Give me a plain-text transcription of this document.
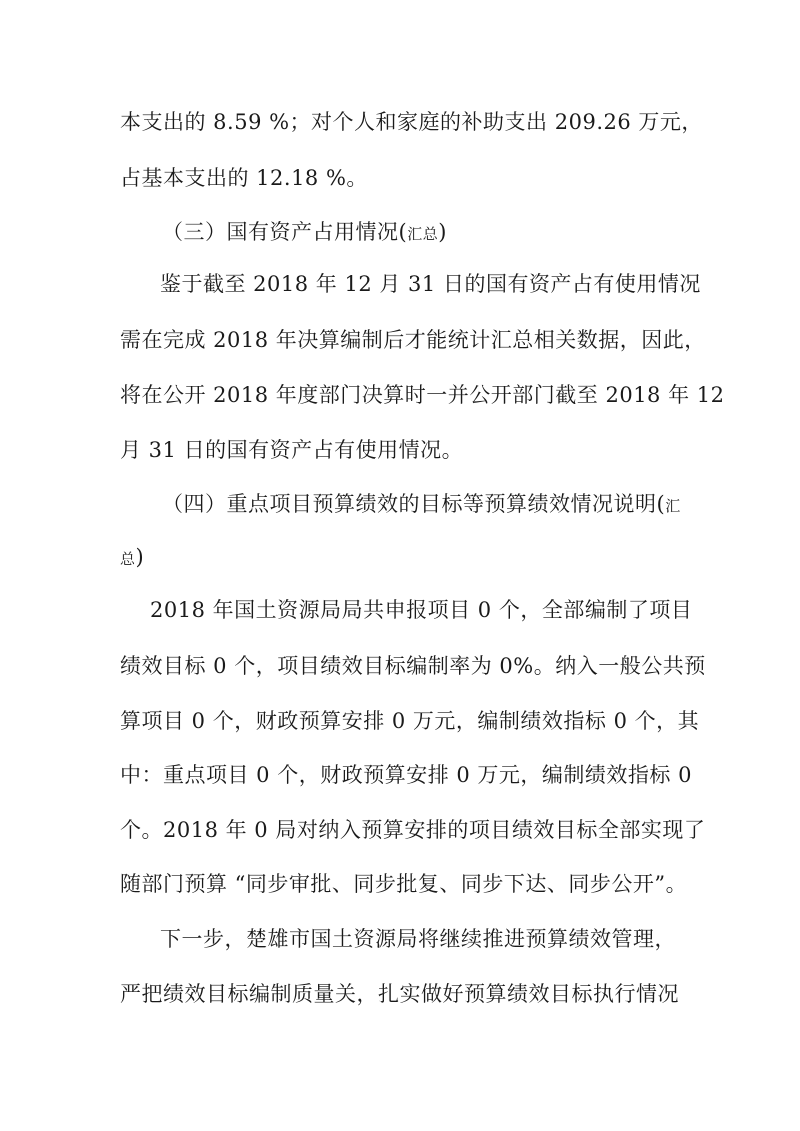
本支出的 8.59 %；对个人和家庭的补助支出 209.26 万元，
占基本支出的 12.18 %。
（三）国有资产占用情况(汇总)
鉴于截至 2018 年 12 月 31 日的国有资产占有使用情况
需在完成 2018 年决算编制后才能统计汇总相关数据，因此，
将在公开 2018 年度部门决算时一并公开部门截至 2018 年 12
月 31 日的国有资产占有使用情况。
（四）重点项目预算绩效的目标等预算绩效情况说明(汇
总)
2018 年国土资源局局共申报项目 0 个，全部编制了项目
绩效目标 0 个，项目绩效目标编制率为 0%。纳入一般公共预
算项目 0 个，财政预算安排 0 万元，编制绩效指标 0 个，其
中：重点项目 0 个，财政预算安排 0 万元，编制绩效指标 0
个。2018 年 0 局对纳入预算安排的项目绩效目标全部实现了
随部门预算 “同步审批、同步批复、同步下达、同步公开”。
下一步，楚雄市国土资源局将继续推进预算绩效管理，
严把绩效目标编制质量关，扎实做好预算绩效目标执行情况
